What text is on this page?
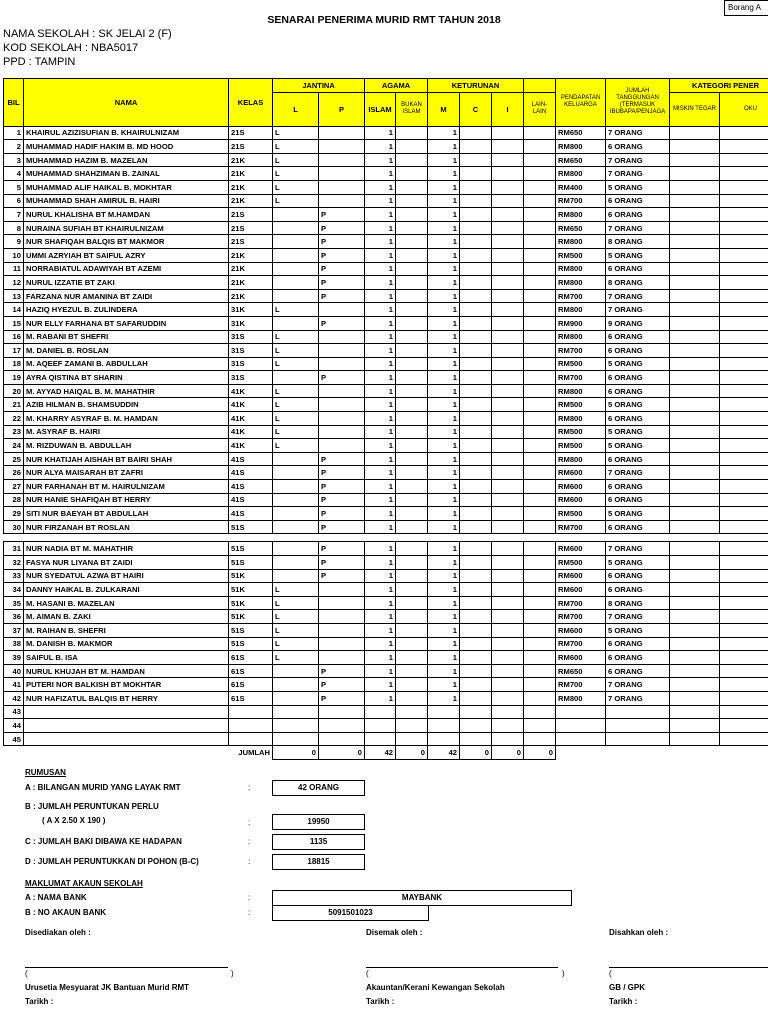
Borang A
SENARAI PENERIMA MURID RMT TAHUN 2018
NAMA SEKOLAH : SK JELAI 2 (F)
KOD SEKOLAH : NBA5017
PPD : TAMPIN
BIL	NAMA	KELAS	JANTINA		AGAMA		KETURUNAN				PENDAPATAN KELUARGA	JUMLAH TANGGUNGAN (TERMASUK IBUBAPA/PENJAGA	KATEGORI PENER	
			L	P	ISLAM	BUKAN ISLAM	M	C	I	LAIN-LAIN			MISKIN TEGAR	OKU
1	KHAIRUL AZIZISUFIAN B. KHAIRULNIZAM	21S	L		1		1				RM650	7 ORANG		
2	MUHAMMAD HADIF HAKIM B. MD HOOD	21S	L		1		1				RM800	6 ORANG		
3	MUHAMMAD HAZIM B. MAZELAN	21K	L		1		1				RM650	7 ORANG		
4	MUHAMMAD SHAHZIMAN B. ZAINAL	21K	L		1		1				RM800	7 ORANG		
5	MUHAMMAD ALIF HAIKAL B. MOKHTAR	21K	L		1		1				RM400	5 ORANG		
6	MUHAMMAD SHAH AMIRUL B. HAIRI	21K	L		1		1				RM700	6 ORANG		
7	NURUL KHALISHA BT M.HAMDAN	21S		P	1		1				RM800	6 ORANG		
8	NURAINA SUFIAH BT KHAIRULNIZAM	21S		P	1		1				RM650	7 ORANG		
9	NUR SHAFIQAH BALQIS BT MAKMOR	21S		P	1		1				RM800	8 ORANG		
10	UMMI AZRYIAH BT SAIFUL AZRY	21K		P	1		1				RM500	5 ORANG		
11	NORRABIATUL ADAWIYAH BT AZEMI	21K		P	1		1				RM800	6 ORANG		
12	NURUL IZZATIE BT ZAKI	21K		P	1		1				RM800	8 ORANG		
13	FARZANA NUR AMANINA BT ZAIDI	21K		P	1		1				RM700	7 ORANG		
14	HAZIQ HYEZUL B. ZULINDERA	31K	L		1		1				RM800	7 ORANG		
15	NUR ELLY FARHANA BT SAFARUDDIN	31K		P	1		1				RM900	9 ORANG		
16	M. RABANI BT SHEFRI	31S	L		1		1				RM800	6 ORANG		
17	M. DANIEL B. ROSLAN	31S	L		1		1				RM700	6 ORANG		
18	M. AQEEF ZAMANI B. ABDULLAH	31S	L		1		1				RM500	5 ORANG		
19	AYRA QISTINA BT SHARIN	31S		P	1		1				RM700	6 ORANG		
20	M. AYYAD HAIQAL B. M. MAHATHIR	41K	L		1		1				RM800	6 ORANG		
21	AZIB HILMAN B. SHAMSUDDIN	41K	L		1		1				RM500	5 ORANG		
22	M. KHARRY ASYRAF B. M. HAMDAN	41K	L		1		1				RM800	6 ORANG		
23	M. ASYRAF B. HAIRI	41K	L		1		1				RM500	5 ORANG		
24	M. RIZDUWAN B. ABDULLAH	41K	L		1		1				RM500	5 ORANG		
25	NUR KHATIJAH AISHAH BT BAIRI SHAH	41S		P	1		1				RM800	6 ORANG		
26	NUR ALYA MAISARAH BT ZAFRI	41S		P	1		1				RM600	7 ORANG		
27	NUR FARHANAH BT M. HAIRULNIZAM	41S		P	1		1				RM600	6 ORANG		
28	NUR HANIE SHAFIQAH BT HERRY	41S		P	1		1				RM600	6 ORANG		
29	SITI NUR BAEYAH BT ABDULLAH	41S		P	1		1				RM500	5 ORANG		
30	NUR FIRZANAH BT ROSLAN	51S		P	1		1				RM700	6 ORANG		

31	NUR NADIA BT M. MAHATHIR	51S		P	1		1				RM600	7 ORANG		
32	FASYA NUR LIYANA BT ZAIDI	51S		P	1		1				RM500	5 ORANG		
33	NUR SYEDATUL AZWA BT HAIRI	51K		P	1		1				RM600	6 ORANG		
34	DANNY HAIKAL B. ZULKARANI	51K	L		1		1				RM600	6 ORANG		
35	M. HASANI B. MAZELAN	51K	L		1		1				RM700	8 ORANG		
36	M. AIMAN B. ZAKI	51K	L		1		1				RM700	7 ORANG		
37	M. RAIHAN B. SHEFRI	51S	L		1		1				RM600	5 ORANG		
38	M. DANISH B. MAKMOR	51S	L		1		1				RM700	6 ORANG		
39	SAIFUL B. ISA	61S	L		1		1				RM600	6 ORANG		
40	NURUL KHUJAH BT M. HAMDAN	61S		P	1		1				RM650	6 ORANG		
41	PUTERI NOR BALKISH BT MOKHTAR	61S		P	1		1				RM700	7 ORANG		
42	NUR HAFIZATUL BALQIS BT HERRY	61S		P	1		1				RM800	7 ORANG		
43														
44														
45														
		JUMLAH	0	0	42	0	42	0	0	0				
RUMUSAN
A : BILANGAN MURID YANG LAYAK RMT	:	42 ORANG
B : JUMLAH PERUNTUKAN PERLU
( A X 2.50 X 190 )	:	19950
C : JUMLAH BAKI DIBAWA KE HADAPAN	:	1135
D : JUMLAH PERUNTUKKAN DI POHON (B-C)	:	18815
MAKLUMAT AKAUN SEKOLAH
A : NAMA BANK	:	MAYBANK
B : NO AKAUN BANK	:	5091501023
Disediakan oleh :	Disemak oleh :	Disahkan oleh :
(	)	(	)	(
Urusetia Mesyuarat JK Bantuan Murid RMT	Akauntan/Kerani Kewangan Sekolah	GB / GPK
Tarikh :	Tarikh :	Tarikh :
